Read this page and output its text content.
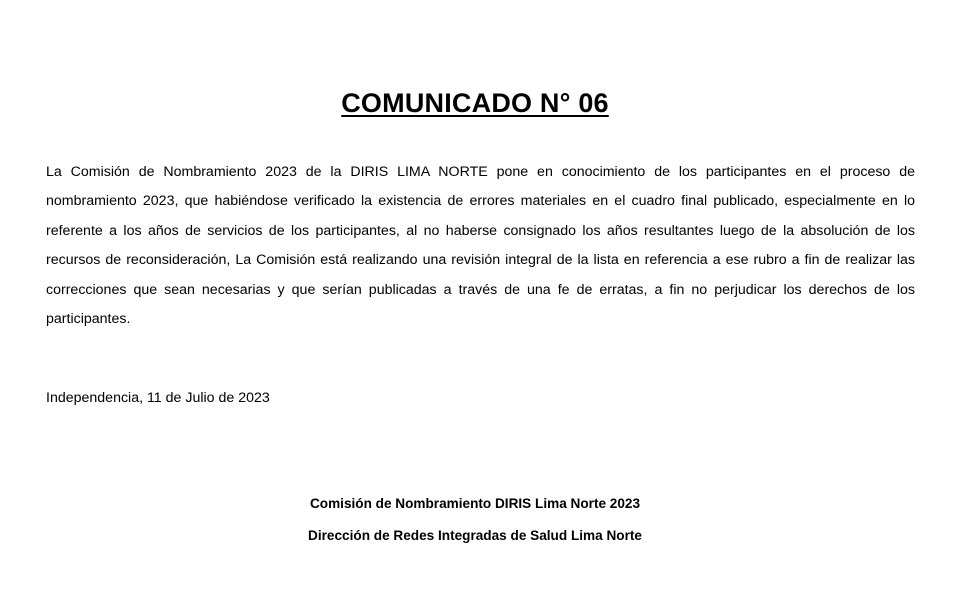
COMUNICADO N° 06

La Comisión de Nombramiento 2023 de la DIRIS LIMA NORTE pone en conocimiento de los participantes en el proceso de nombramiento 2023, que habiéndose verificado la existencia de errores materiales en el cuadro final publicado, especialmente en lo referente a los años de servicios de los participantes, al no haberse consignado los años resultantes luego de la absolución de los recursos de reconsideración, La Comisión está realizando una revisión integral de la lista en referencia a ese rubro a fin de realizar las correcciones que sean necesarias y que serían publicadas a través de una fe de erratas, a fin no perjudicar los derechos de los participantes.

Independencia, 11 de Julio de 2023

Comisión de Nombramiento DIRIS Lima Norte 2023

Dirección de Redes Integradas de Salud Lima Norte
